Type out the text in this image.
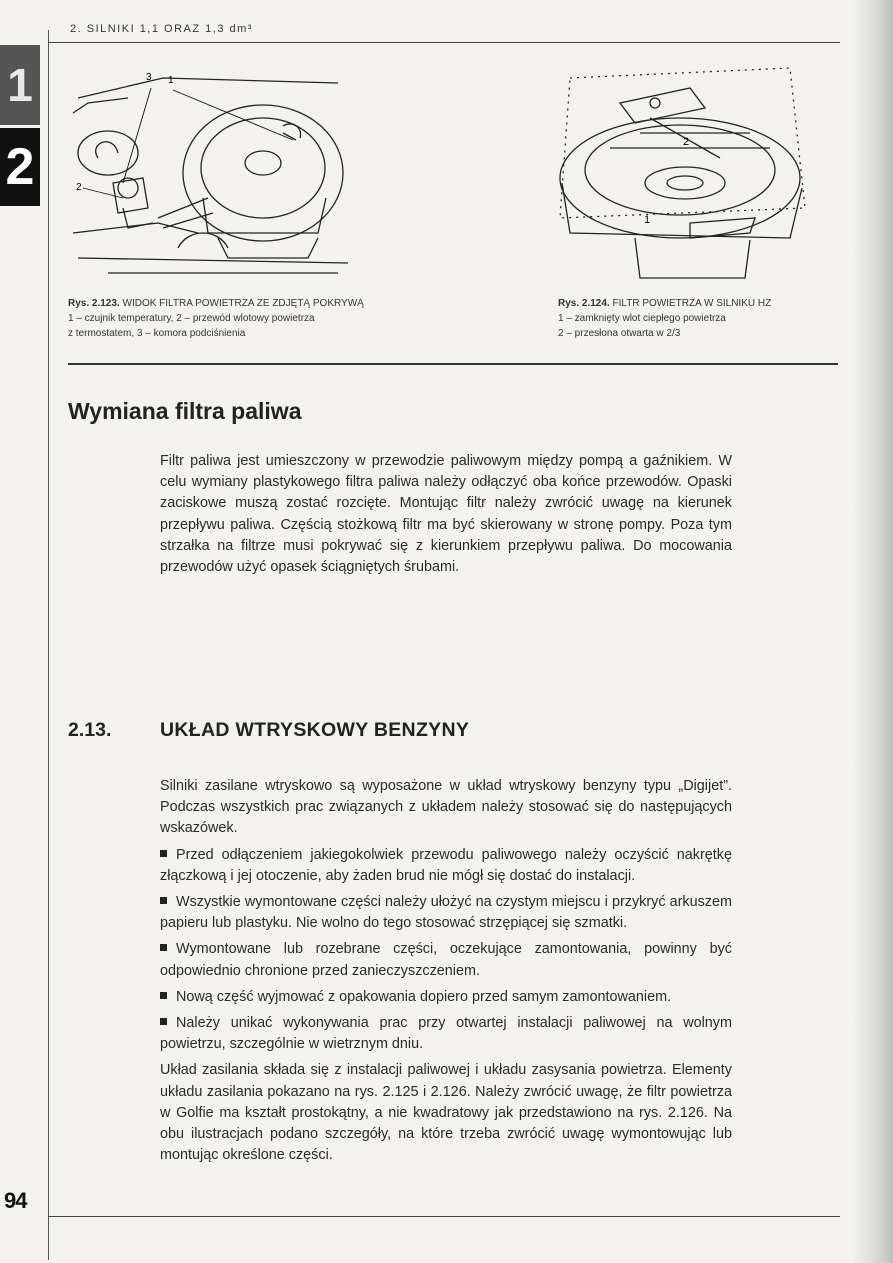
2. SILNIKI 1,1 ORAZ 1,3 dm³
1
2
1
3
2
2
1
Rys. 2.123. WIDOK FILTRA POWIETRZA ZE ZDJĘTĄ POKRYWĄ
1 – czujnik temperatury, 2 – przewód wlotowy powietrza
z termostatem, 3 – komora podciśnienia
Rys. 2.124. FILTR POWIETRZA W SILNIKU HZ
1 – zamknięty wlot ciepłego powietrza
2 – przesłona otwarta w 2/3
Wymiana filtra paliwa

Filtr paliwa jest umieszczony w przewodzie paliwowym między pompą a gaźnikiem. W celu wymiany plastykowego filtra paliwa należy odłączyć oba końce przewodów. Opaski zaciskowe muszą zostać rozcięte. Montując filtr należy zwrócić uwagę na kierunek przepływu paliwa. Częścią stożkową filtr ma być skierowany w stronę pompy. Poza tym strzałka na filtrze musi pokrywać się z kierunkiem przepływu paliwa. Do mocowania przewodów użyć opasek ściągniętych śrubami.

2.13. UKŁAD WTRYSKOWY BENZYNY

Silniki zasilane wtryskowo są wyposażone w układ wtryskowy benzyny typu „Digijet”. Podczas wszystkich prac związanych z układem należy stosować się do następujących wskazówek.

Przed odłączeniem jakiegokolwiek przewodu paliwowego należy oczyścić nakrętkę złączkową i jej otoczenie, aby żaden brud nie mógł się dostać do instalacji.

Wszystkie wymontowane części należy ułożyć na czystym miejscu i przykryć arkuszem papieru lub plastyku. Nie wolno do tego stosować strzępiącej się szmatki.

Wymontowane lub rozebrane części, oczekujące zamontowania, powinny być odpowiednio chronione przed zanieczyszczeniem.

Nową część wyjmować z opakowania dopiero przed samym zamontowaniem.

Należy unikać wykonywania prac przy otwartej instalacji paliwowej na wolnym powietrzu, szczególnie w wietrznym dniu.

Układ zasilania składa się z instalacji paliwowej i układu zasysania powietrza. Elementy układu zasilania pokazano na rys. 2.125 i 2.126. Należy zwrócić uwagę, że filtr powietrza w Golfie ma kształt prostokątny, a nie kwadratowy jak przedstawiono na rys. 2.126. Na obu ilustracjach podano szczegóły, na które trzeba zwrócić uwagę wymontowując lub montując określone części.

94
